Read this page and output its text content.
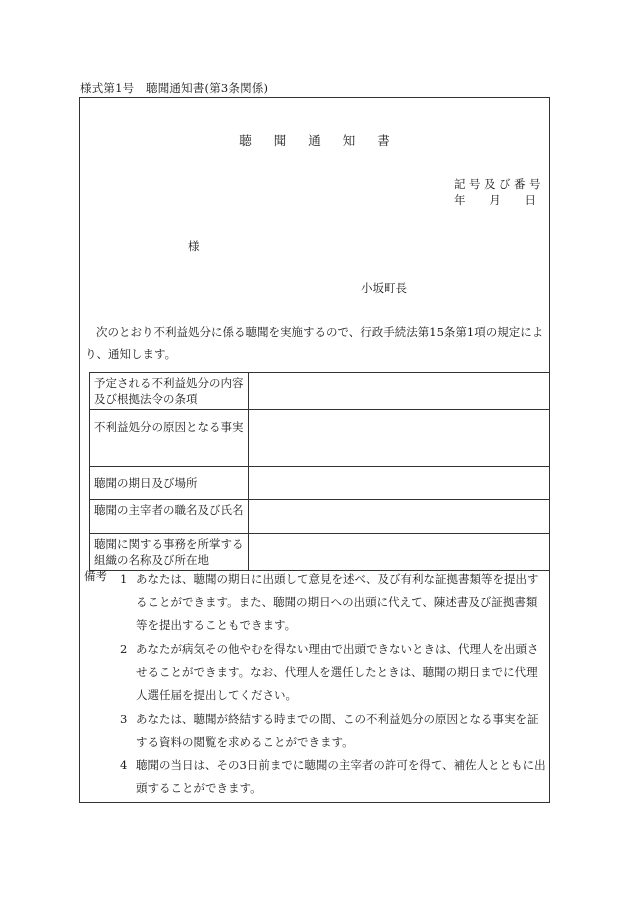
様式第1号　聴聞通知書(第3条関係)
聴聞通知書
記号及び番号
年 月 日
様
小坂町長
次のとおり不利益処分に係る聴聞を実施するので、行政手続法第15条第1項の規定により、通知します。
予定される不利益処分の内容及び根拠法令の条項	
不利益処分の原因となる事実	
聴聞の期日及び場所	
聴聞の主宰者の職名及び氏名	
聴聞に関する事務を所掌する組織の名称及び所在地	
備考 1 あなたは、聴聞の期日に出頭して意見を述べ、及び有利な証拠書類等を提出することができます。また、聴聞の期日への出頭に代えて、陳述書及び証拠書類等を提出することもできます。
2 あなたが病気その他やむを得ない理由で出頭できないときは、代理人を出頭させることができます。なお、代理人を選任したときは、聴聞の期日までに代理人選任届を提出してください。
3 あなたは、聴聞が終結する時までの間、この不利益処分の原因となる事実を証する資料の閲覧を求めることができます。
4 聴聞の当日は、その3日前までに聴聞の主宰者の許可を得て、補佐人とともに出頭することができます。
